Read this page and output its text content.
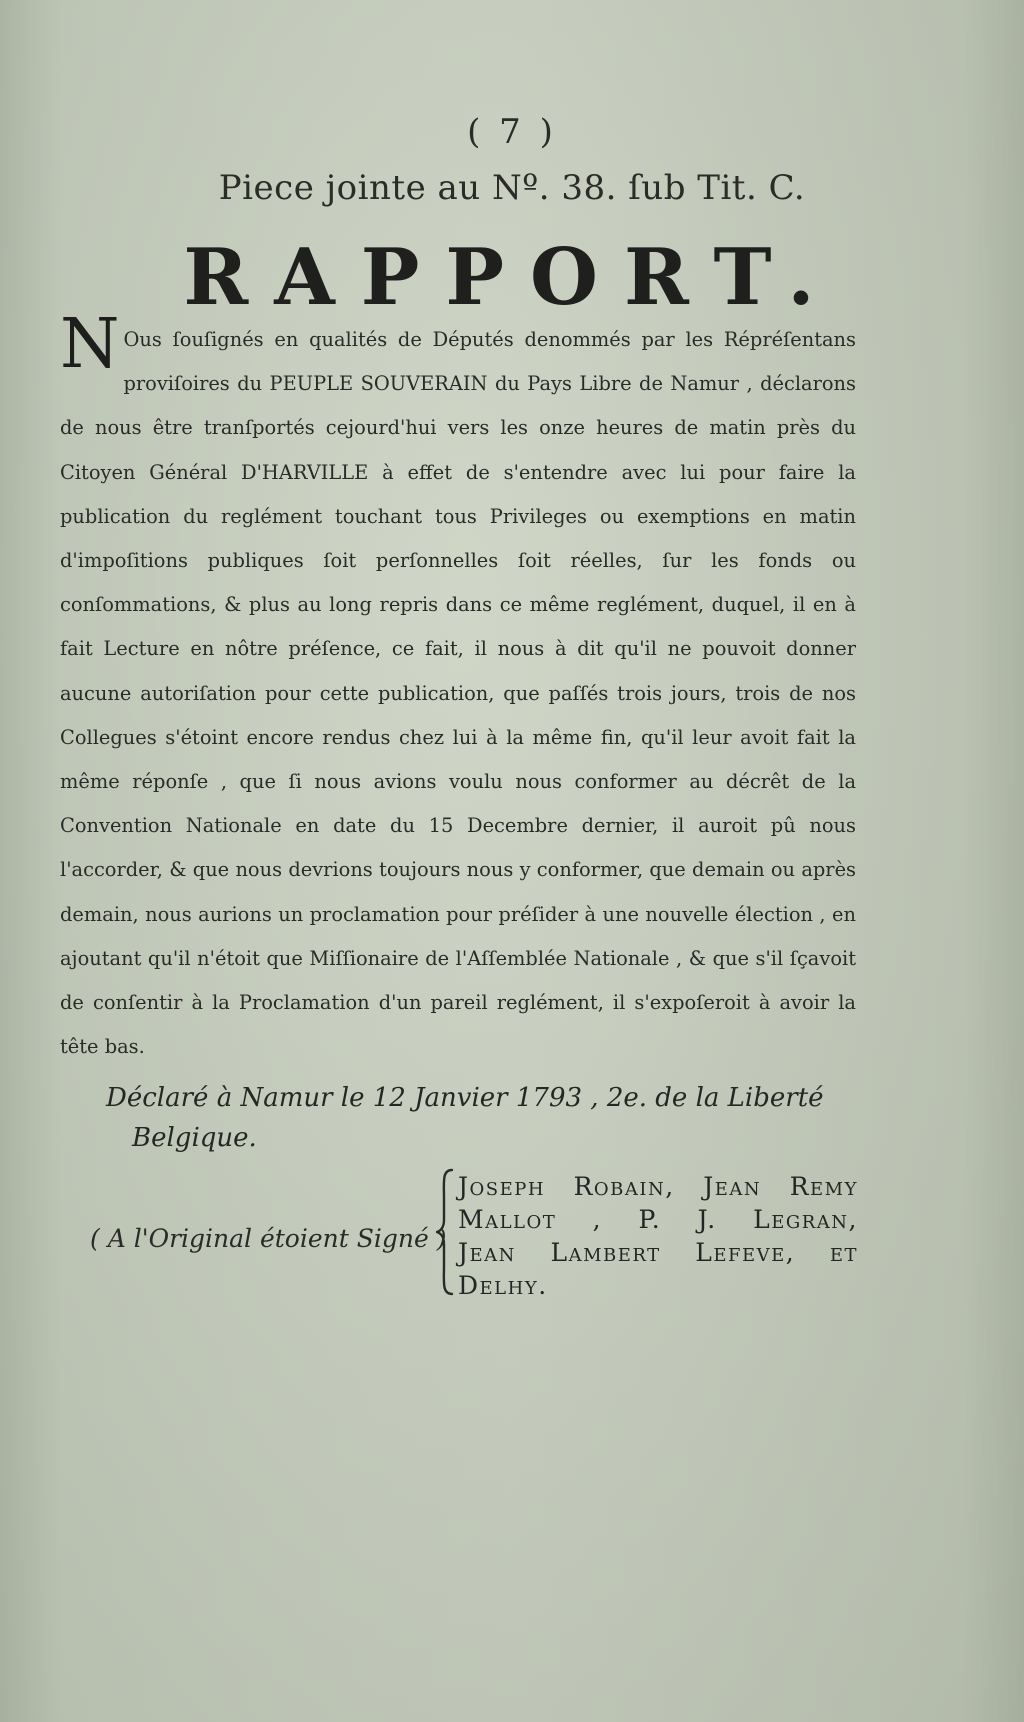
( 7 )
Piece jointe au Nº. 38. ſub Tit. C.
RAPPORT.
N Ous ſouſignés en qualités de Députés denommés par les Répréſentans proviſoires du PEUPLE SOUVERAIN du Pays Libre de Namur , déclarons de nous être tranſportés cejourd'hui vers les onze heures de matin près du Citoyen Général D'HARVILLE à effet de s'entendre avec lui pour faire la publication du reglément touchant tous Privileges ou exemptions en matin d'impoſitions publiques ſoit perſonnelles ſoit réelles, ſur les fonds ou conſommations, & plus au long repris dans ce même reglément, duquel, il en à fait Lecture en nôtre préſence, ce fait, il nous à dit qu'il ne pouvoit donner aucune autoriſation pour cette publication, que paſſés trois jours, trois de nos Collegues s'étoint encore rendus chez lui à la même fin, qu'il leur avoit fait la même réponſe , que ſi nous avions voulu nous conformer au décrêt de la Convention Nationale en date du 15 Decembre dernier, il auroit pû nous l'accorder, & que nous devrions toujours nous y conformer, que demain ou après demain, nous aurions un proclamation pour préſider à une nouvelle élection , en ajoutant qu'il n'étoit que Miſſionaire de l'Aſſemblée Nationale , & que s'il ſçavoit de conſentir à la Proclamation d'un pareil reglément, il s'expoſeroit à avoir la tête bas.
Déclaré à Namur le 12 Janvier 1793 , 2e. de la Liberté
Belgique.
( A l'Original étoient Signé )
Joseph Robain, Jean Remy
Mallot , P. J. Legran,
Jean Lambert Lefeve, et
Delhy.
